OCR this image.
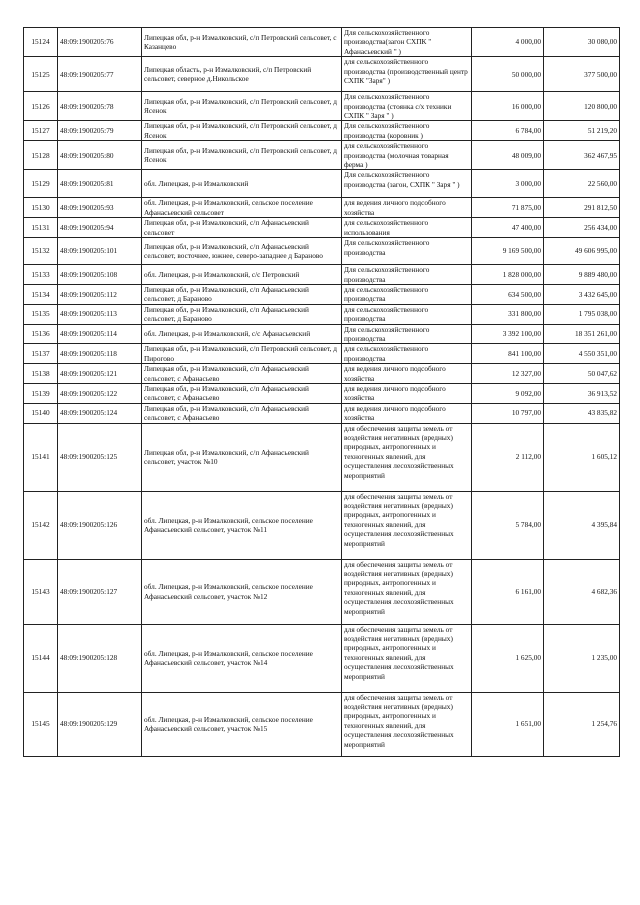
15124	48:09:1900205:76	Липецкая обл, р-н Измалковский, с/п Петровский сельсовет, с Казанцево	Для сельскохозяйственного производства(загон СХПК " Афанасьевский " )	4 000,00	30 080,00
15125	48:09:1900205:77	Липецкая область, р-н Измалковский, с/п Петровский сельсовет, северное д.Никольское	для сельскохозяйственного производства (производственный центр СХПК "Заря" )	50 000,00	377 500,00
15126	48:09:1900205:78	Липецкая обл, р-н Измалковский, с/п Петровский сельсовет, д Ясенок	Для сельскохозяйственного производства (стоянка с/х техники СХПК " Заря " )	16 000,00	120 800,00
15127	48:09:1900205:79	Липецкая обл, р-н Измалковский, с/п Петровский сельсовет, д Ясенок	Для сельскохозяйственного производства (коровник )	6 784,00	51 219,20
15128	48:09:1900205:80	Липецкая обл, р-н Измалковский, с/п Петровский сельсовет, д Ясенок	для сельскохозяйственного производства (молочная товарная ферма )	48 009,00	362 467,95
15129	48:09:1900205:81	обл. Липецкая, р-н Измалковский	Для сельскохозяйственного производства (загон, СХПК " Заря " )	3 000,00	22 560,00
15130	48:09:1900205:93	обл. Липецкая, р-н Измалковский, сельское поселение Афанасьевский сельсовет	для ведения личного подсобного хозяйства	71 875,00	291 812,50
15131	48:09:1900205:94	Липецкая обл, р-н Измалковский, с/п Афанасьевский сельсовет	для сельскохозяйственного использования	47 400,00	256 434,00
15132	48:09:1900205:101	Липецкая обл, р-н Измалковский, с/п Афанасьевский сельсовет, восточнее, южнее, северо-западнее д Бараново	Для сельскохозяйственного производства	9 169 500,00	49 606 995,00
15133	48:09:1900205:108	обл. Липецкая, р-н Измалковский, с/с Петровский	Для сельскохозяйственного производства	1 828 000,00	9 889 480,00
15134	48:09:1900205:112	Липецкая обл, р-н Измалковский, с/п Афанасьевский сельсовет, д Бараново	для сельскохозяйственного производства	634 500,00	3 432 645,00
15135	48:09:1900205:113	Липецкая обл, р-н Измалковский, с/п Афанасьевский сельсовет, д Бараново	для сельскохозяйственного производства	331 800,00	1 795 038,00
15136	48:09:1900205:114	обл. Липецкая, р-н Измалковский, с/с Афанасьевский	Для сельскохозяйственного производства	3 392 100,00	18 351 261,00
15137	48:09:1900205:118	Липецкая обл, р-н Измалковский, с/п Петровский сельсовет, д Пирогово	для сельскохозяйственного производства	841 100,00	4 550 351,00
15138	48:09:1900205:121	Липецкая обл, р-н Измалковский, с/п Афанасьевский сельсовет, с Афанасьево	для ведения личного подсобного хозяйства	12 327,00	50 047,62
15139	48:09:1900205:122	Липецкая обл, р-н Измалковский, с/п Афанасьевский сельсовет, с Афанасьево	для ведения личного подсобного хозяйства	9 092,00	36 913,52
15140	48:09:1900205:124	Липецкая обл, р-н Измалковский, с/п Афанасьевский сельсовет, с Афанасьево	для ведения личного подсобного хозяйства	10 797,00	43 835,82
15141	48:09:1900205:125	Липецкая обл, р-н Измалковский, с/п Афанасьевский сельсовет, участок №10	для обеспечения защиты земель от воздействия негативных (вредных) природных, антропогенных и техногенных явлений, для осуществления лесохозяйственных мероприятий	2 112,00	1 605,12
15142	48:09:1900205:126	обл. Липецкая, р-н Измалковский, сельское поселение Афанасьевский сельсовет, участок №11	для обеспечения защиты земель от воздействия негативных (вредных) природных, антропогенных и техногенных явлений, для осуществления лесохозяйственных мероприятий	5 784,00	4 395,84
15143	48:09:1900205:127	обл. Липецкая, р-н Измалковский, сельское поселение Афанасьевский сельсовет, участок №12	для обеспечения защиты земель от воздействия негативных (вредных) природных, антропогенных и техногенных явлений, для осуществления лесохозяйственных мероприятий	6 161,00	4 682,36
15144	48:09:1900205:128	обл. Липецкая, р-н Измалковский, сельское поселение Афанасьевский сельсовет, участок №14	для обеспечения защиты земель от воздействия негативных (вредных) природных, антропогенных и техногенных явлений, для осуществления лесохозяйственных мероприятий	1 625,00	1 235,00
15145	48:09:1900205:129	обл. Липецкая, р-н Измалковский, сельское поселение Афанасьевский сельсовет, участок №15	для обеспечения защиты земель от воздействия негативных (вредных) природных, антропогенных и техногенных явлений, для осуществления лесохозяйственных мероприятий	1 651,00	1 254,76
